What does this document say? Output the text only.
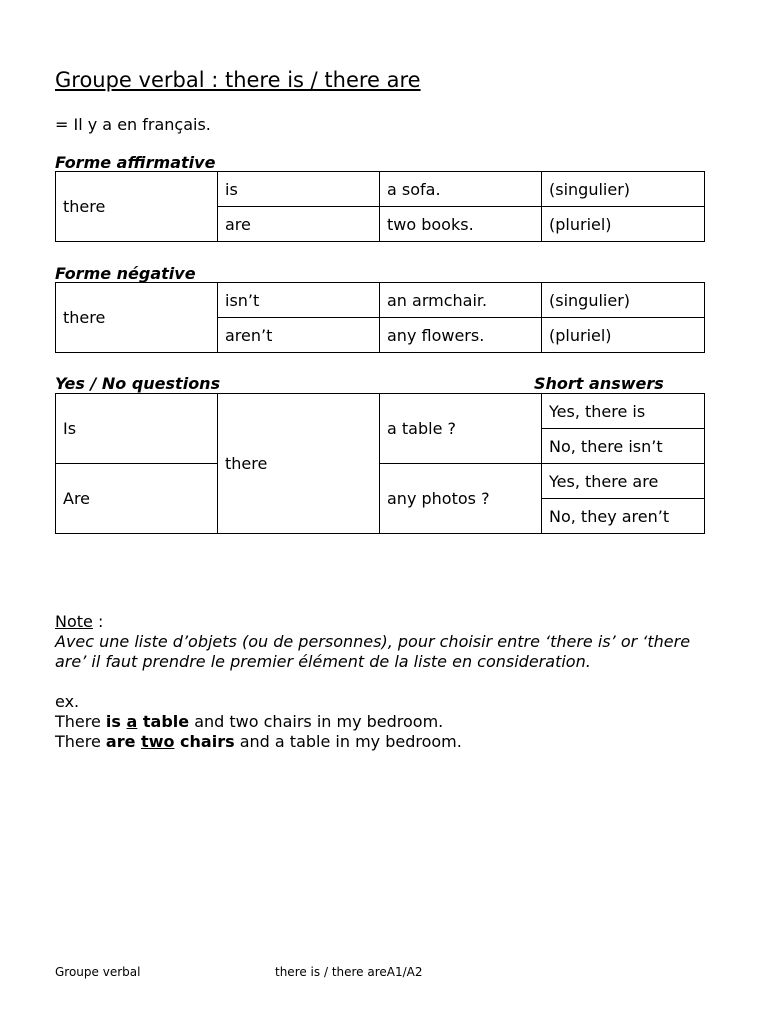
Groupe verbal : there is / there are
= Il y a en français.
Forme affirmative
there	is	a sofa.	(singulier)
	are	two books.	(pluriel)
Forme négative
there	isn’t	an armchair.	(singulier)
	aren’t	any flowers.	(pluriel)
Yes / No questions	Short answers
Is	there	a table ?	Yes, there is
			No, there isn’t
Are		any photos ?	Yes, there are
			No, they aren’t

Note :

Avec une liste d’objets (ou de personnes), pour choisir entre ‘there is’ or ‘there

are’ il faut prendre le premier élément de la liste en consideration.

ex.

There is a table and two chairs in my bedroom.

There are two chairs and a table in my bedroom.

Groupe verbal	there is / there areA1/A2
